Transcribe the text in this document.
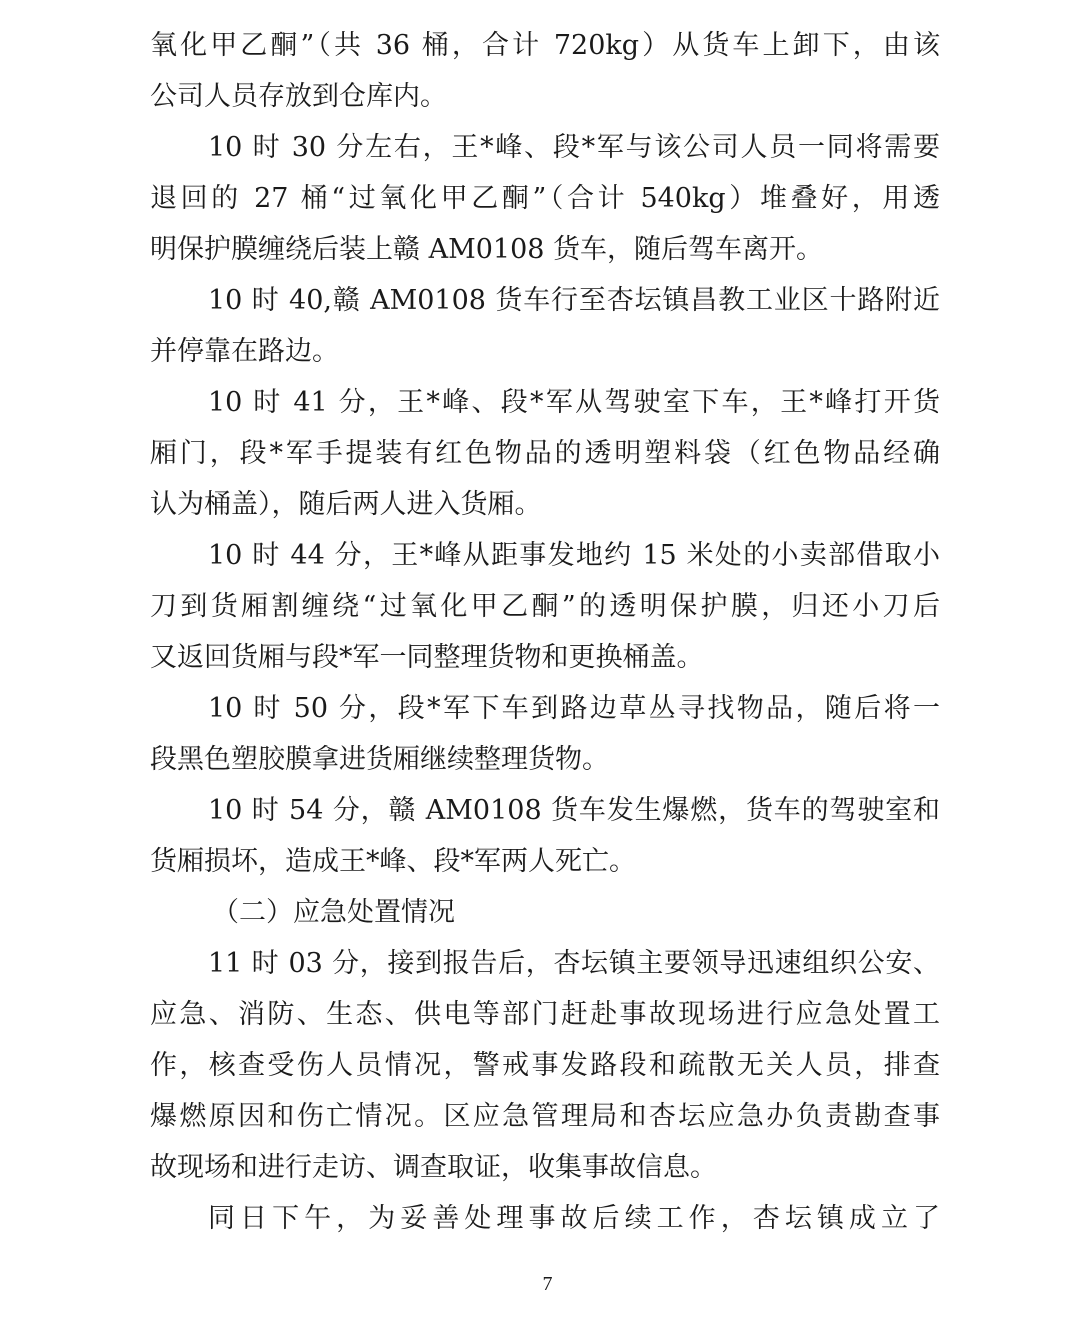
氧化甲乙酮”（共 36 桶，合计 720kg）从货车上卸下，由该
公司人员存放到仓库内。
10 时 30 分左右，王*峰、段*军与该公司人员一同将需要
退回的 27 桶“过氧化甲乙酮”（合计 540kg）堆叠好，用透
明保护膜缠绕后装上赣 AM0108 货车，随后驾车离开。
10 时 40,赣 AM0108 货车行至杏坛镇昌教工业区十路附近
并停靠在路边。
10 时 41 分，王*峰、段*军从驾驶室下车，王*峰打开货
厢门，段*军手提装有红色物品的透明塑料袋（红色物品经确
认为桶盖），随后两人进入货厢。
10 时 44 分，王*峰从距事发地约 15 米处的小卖部借取小
刀到货厢割缠绕“过氧化甲乙酮”的透明保护膜，归还小刀后
又返回货厢与段*军一同整理货物和更换桶盖。
10 时 50 分，段*军下车到路边草丛寻找物品，随后将一
段黑色塑胶膜拿进货厢继续整理货物。
10 时 54 分，赣 AM0108 货车发生爆燃，货车的驾驶室和
货厢损坏，造成王*峰、段*军两人死亡。
（二）应急处置情况
11 时 03 分，接到报告后，杏坛镇主要领导迅速组织公安、
应急、消防、生态、供电等部门赶赴事故现场进行应急处置工
作，核查受伤人员情况，警戒事发路段和疏散无关人员，排查
爆燃原因和伤亡情况。区应急管理局和杏坛应急办负责勘查事
故现场和进行走访、调查取证，收集事故信息。
同日下午，为妥善处理事故后续工作，杏坛镇成立了
7
